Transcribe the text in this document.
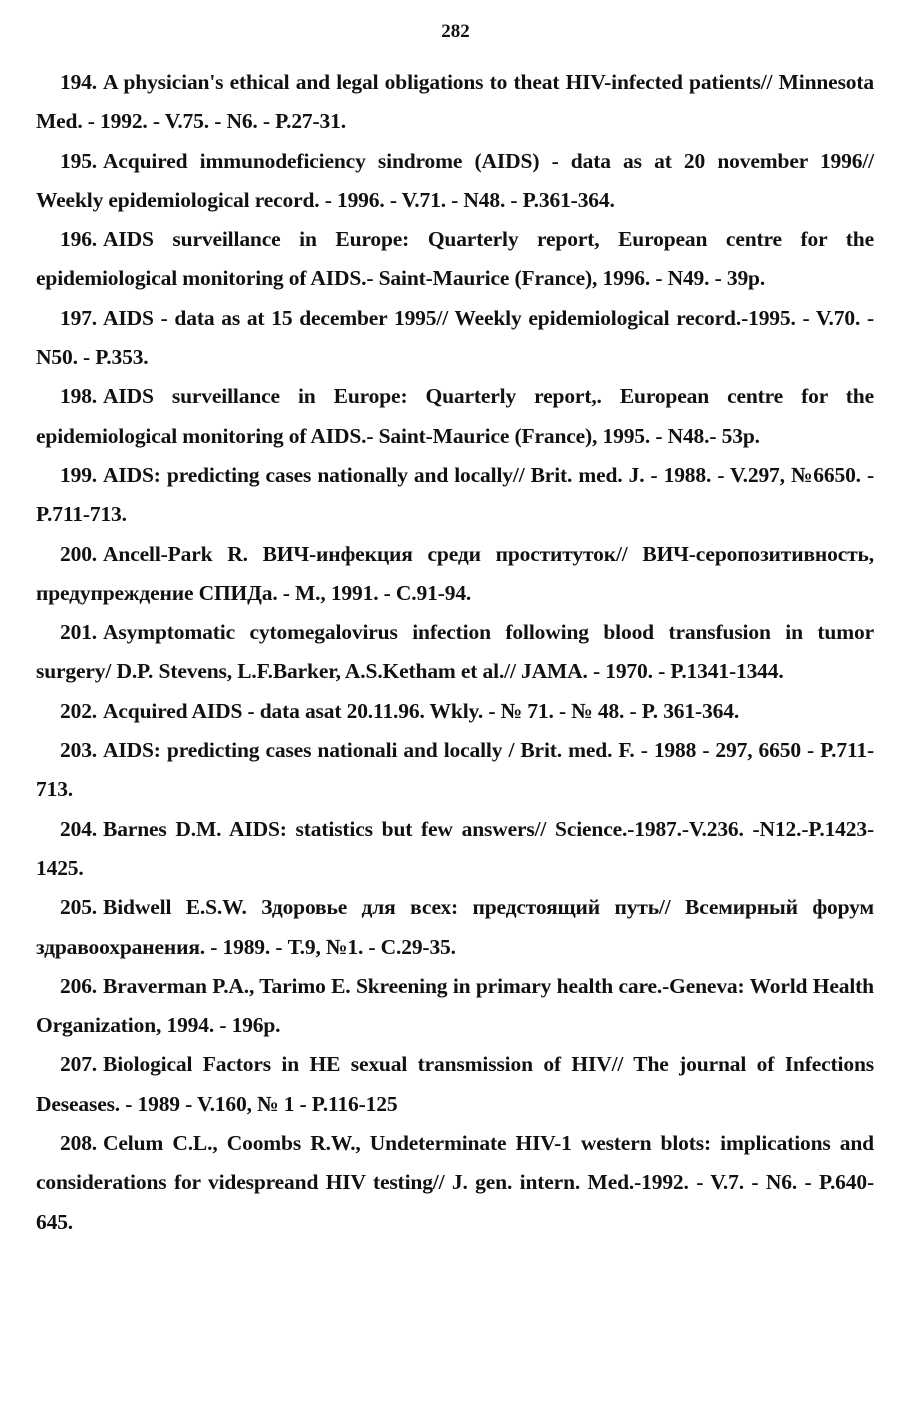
282
194. A physician's ethical and legal obligations to theat HIV-infected patients// Minnesota Med. - 1992. - V.75. - N6. - P.27-31.
195. Acquired immunodeficiency sindrome (AIDS) - data as at 20 november 1996// Weekly epidemiological record. - 1996. - V.71. - N48. - P.361-364.
196. AIDS surveillance in Europe: Quarterly report, European centre for the epidemiological monitoring of AIDS.- Saint-Maurice (France), 1996. - N49. - 39p.
197. AIDS - data as at 15 december 1995// Weekly epidemiological record.-1995. - V.70. - N50. - P.353.
198. AIDS surveillance in Europe: Quarterly report,. European centre for the epidemiological monitoring of AIDS.- Saint-Maurice (France), 1995. - N48.- 53p.
199. AIDS: predicting cases nationally and locally// Brit. med. J. - 1988. - V.297, №6650. - P.711-713.
200. Ancell-Park R. ВИЧ-инфекция среди проституток// ВИЧ-серопозитивность, предупреждение СПИДа. - М., 1991. - С.91-94.
201. Asymptomatic cytomegalovirus infection following blood transfusion in tumor surgery/ D.P. Stevens, L.F.Barker, A.S.Ketham et al.// JAMA. - 1970. - P.1341-1344.
202. Acquired AIDS - data asat 20.11.96. Wkly. - № 71. - № 48. - P. 361-364.
203. AIDS: predicting cases nationali and locally / Brit. med. F. - 1988 - 297, 6650 - P.711-713.
204. Barnes D.M. AIDS: statistics but few answers// Science.-1987.-V.236. -N12.-P.1423-1425.
205. Bidwell E.S.W. Здоровье для всех: предстоящий путь// Всемирный форум здравоохранения. - 1989. - Т.9, №1. - С.29-35.
206. Braverman P.A., Tarimo E. Skreening in primary health care.-Geneva: World Health Organization, 1994. - 196p.
207. Biological Factors in HE sexual transmission of HIV// The journal of Infections Deseases. - 1989 - V.160, № 1 - P.116-125
208. Celum C.L., Coombs R.W., Undeterminate HIV-1 western blots: implications and considerations for videspreand HIV testing// J. gen. intern. Med.-1992. - V.7. - N6. - P.640-645.
